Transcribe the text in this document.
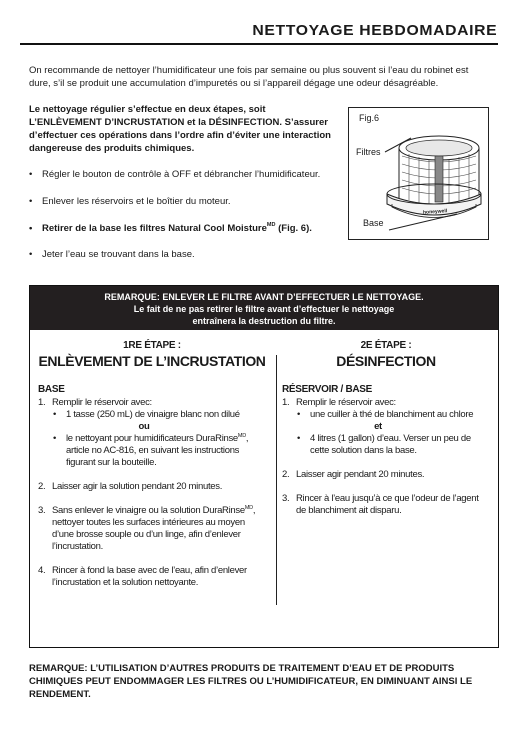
NETTOYAGE HEBDOMADAIRE
On recommande de nettoyer l’humidificateur une fois par semaine ou plus souvent si l’eau du robinet est dure, s’il se produit une accumulation d’impuretés ou si l’appareil dégage une odeur désagréable.
Le nettoyage régulier s’effectue en deux étapes, soit L’ENLÈVEMENT D’INCRUSTATION et la DÉSINFECTION. S’assurer d’effectuer ces opérations dans l’ordre afin d’éviter une interaction dangereuse des produits chimiques.
• Régler le bouton de contrôle à OFF et débrancher l’humidificateur.
• Enlever les réservoirs et le boîtier du moteur.
• Retirer de la base les filtres Natural Cool Moisture$^{MD}$ (Fig. 6).
• Jeter l’eau se trouvant dans la base.
Fig.6
Filtres
Base
honeywell
REMARQUE: ENLEVER LE FILTRE AVANT D’EFFECTUER LE NETTOYAGE.
Le fait de ne pas retirer le filtre avant d’effectuer le nettoyage
entraînera la destruction du filtre.
1RE ÉTAPE :
ENLÈVEMENT DE L’INCRUSTATION
BASE
1. Remplir le réservoir avec:
•	1 tasse (250 mL) de vinaigre blanc non dilué
ou
•	le nettoyant pour humidificateurs DuraRinse$^{MD}$, article no AC-816, en suivant les instructions figurant sur la bouteille.
2. Laisser agir la solution pendant 20 minutes.
3. Sans enlever le vinaigre ou la solution DuraRinse$^{MD}$, nettoyer toutes les surfaces intérieures au moyen d’une brosse souple ou d’un linge, afin d’enlever l’incrustation.
4. Rincer à fond la base avec de l’eau, afin d’enlever l’incrustation et la solution nettoyante.
2E ÉTAPE :
DÉSINFECTION
RÉSERVOIR / BASE
1. Remplir le réservoir avec:
•	une cuiller à thé de blanchiment au chlore
et
•	4 litres (1 gallon) d’eau. Verser un peu de cette solution dans la base.
2. Laisser agir pendant 20 minutes.
3. Rincer à l’eau jusqu’à ce que l’odeur de l’agent de blanchiment ait disparu.
REMARQUE: L’UTILISATION D’AUTRES PRODUITS DE TRAITEMENT D’EAU ET DE PRODUITS CHIMIQUES PEUT ENDOMMAGER LES FILTRES OU L’HUMIDIFICATEUR, EN DIMINUANT AINSI LE RENDEMENT.
